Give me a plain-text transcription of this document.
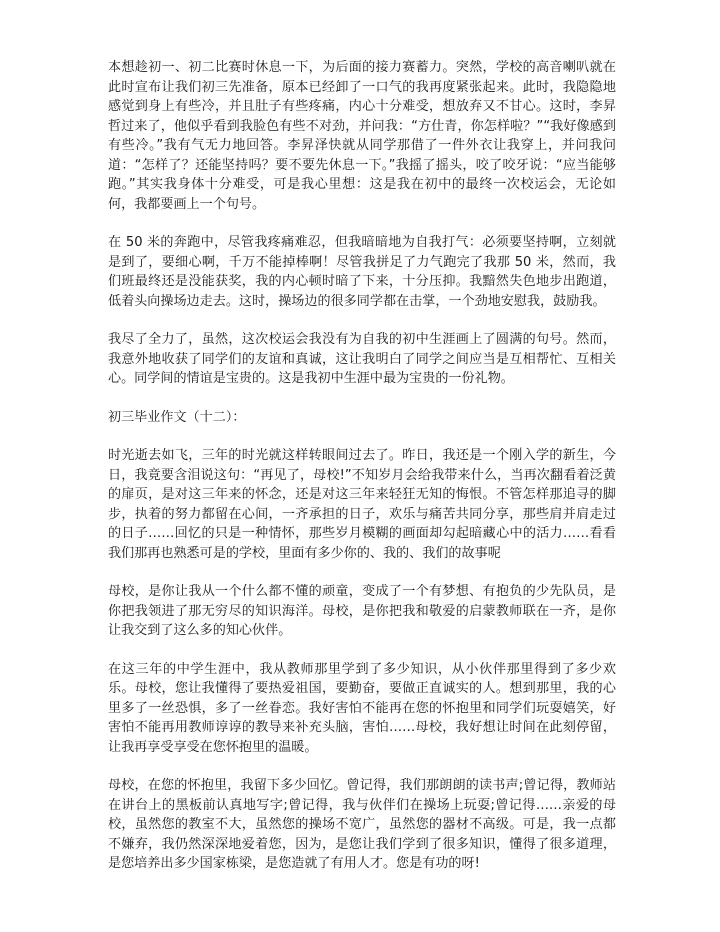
本想趁初一、初二比赛时休息一下，为后面的接力赛蓄力。突然，学校的高音喇叭就在此时宣布让我们初三先准备，原本已经卸了一口气的我再度紧张起来。此时，我隐隐地感觉到身上有些冷，并且肚子有些疼痛，内心十分难受，想放弃又不甘心。这时，李昇哲过来了，他似乎看到我脸色有些不对劲，并问我：“方仕青，你怎样啦？”“我好像感到有些冷。”我有气无力地回答。李昇泽快就从同学那借了一件外衣让我穿上，并问我问道：“怎样了？还能坚持吗？要不要先休息一下。”我摇了摇头，咬了咬牙说：“应当能够跑。”其实我身体十分难受，可是我心里想：这是我在初中的最终一次校运会，无论如何，我都要画上一个句号。

在 50 米的奔跑中，尽管我疼痛难忍，但我暗暗地为自我打气：必须要坚持啊，立刻就是到了，要细心啊，千万不能掉棒啊！尽管我拼足了力气跑完了我那 50 米，然而，我们班最终还是没能获奖，我的内心顿时暗了下来，十分压抑。我黯然失色地步出跑道，低着头向操场边走去。这时，操场边的很多同学都在击掌，一个劲地安慰我，鼓励我。

我尽了全力了，虽然，这次校运会我没有为自我的初中生涯画上了圆满的句号。然而，我意外地收获了同学们的友谊和真诚，这让我明白了同学之间应当是互相帮忙、互相关心。同学间的情谊是宝贵的。这是我初中生涯中最为宝贵的一份礼物。

初三毕业作文（十二）：

时光逝去如飞，三年的时光就这样转眼间过去了。昨日，我还是一个刚入学的新生，今日，我竟要含泪说这句：“再见了，母校!”不知岁月会给我带来什么，当再次翻看着泛黄的扉页，是对这三年来的怀念，还是对这三年来轻狂无知的悔恨。不管怎样那追寻的脚步，执着的努力都留在心间，一齐承担的日子，欢乐与痛苦共同分享，那些肩并肩走过的日子……回忆的只是一种情怀，那些岁月模糊的画面却勾起暗藏心中的活力……看看我们那再也熟悉可是的学校，里面有多少你的、我的、我们的故事呢

母校，是你让我从一个什么都不懂的顽童，变成了一个有梦想、有抱负的少先队员，是你把我领进了那无穷尽的知识海洋。母校，是你把我和敬爱的启蒙教师联在一齐，是你让我交到了这么多的知心伙伴。

在这三年的中学生涯中，我从教师那里学到了多少知识，从小伙伴那里得到了多少欢乐。母校，您让我懂得了要热爱祖国，要勤奋，要做正直诚实的人。想到那里，我的心里多了一丝恐惧，多了一丝眷恋。我好害怕不能再在您的怀抱里和同学们玩耍嬉笑，好害怕不能再用教师谆谆的教导来补充头脑，害怕……母校，我好想让时间在此刻停留，让我再享受享受在您怀抱里的温暖。

母校，在您的怀抱里，我留下多少回忆。曾记得，我们那朗朗的读书声;曾记得，教师站在讲台上的黑板前认真地写字;曾记得，我与伙伴们在操场上玩耍;曾记得……亲爱的母校，虽然您的教室不大，虽然您的操场不宽广，虽然您的器材不高级。可是，我一点都不嫌弃，我仍然深深地爱着您，因为，是您让我们学到了很多知识，懂得了很多道理，是您培养出多少国家栋梁，是您造就了有用人才。您是有功的呀!
